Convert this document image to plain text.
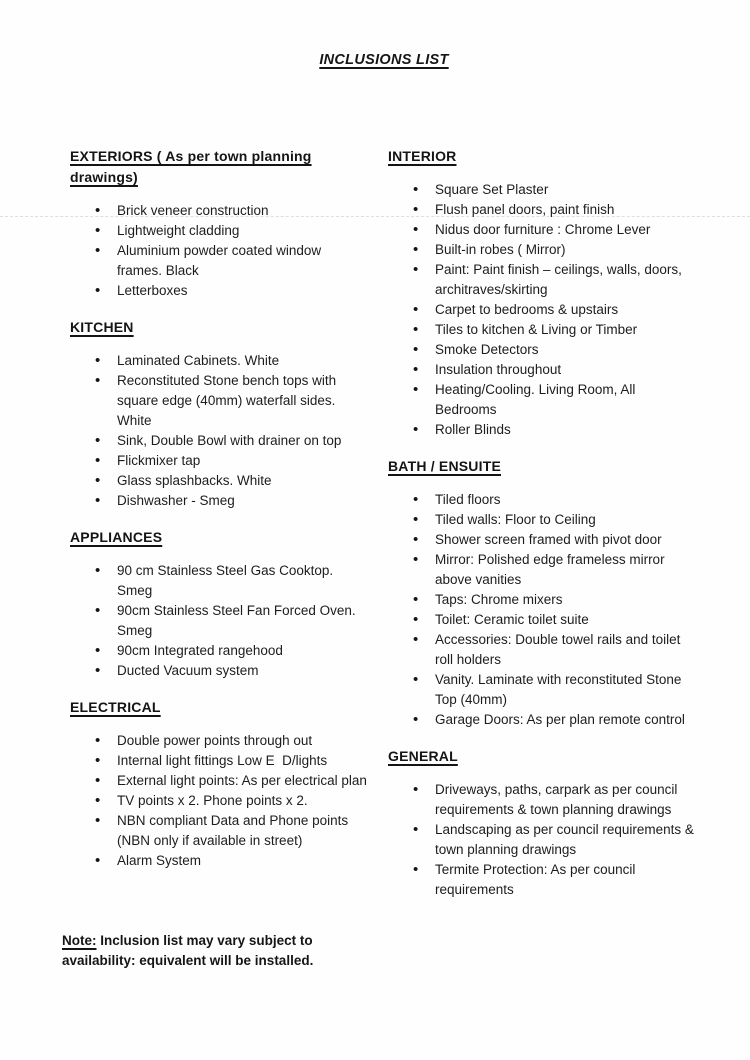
INCLUSIONS LIST
EXTERIORS ( As per town planning drawings)
• Brick veneer construction
• Lightweight cladding
• Aluminium powder coated window frames. Black
• Letterboxes
KITCHEN
• Laminated Cabinets. White
• Reconstituted Stone bench tops with square edge (40mm) waterfall sides. White
• Sink, Double Bowl with drainer on top
• Flickmixer tap
• Glass splashbacks. White
• Dishwasher - Smeg
APPLIANCES
• 90 cm Stainless Steel Gas Cooktop. Smeg
• 90cm Stainless Steel Fan Forced Oven. Smeg
• 90cm Integrated rangehood
• Ducted Vacuum system
ELECTRICAL
• Double power points through out
• Internal light fittings Low E  D/lights
• External light points: As per electrical plan
• TV points x 2. Phone points x 2.
• NBN compliant Data and Phone points (NBN only if available in street)
• Alarm System
INTERIOR
• Square Set Plaster
• Flush panel doors, paint finish
• Nidus door furniture : Chrome Lever
• Built-in robes ( Mirror)
• Paint: Paint finish – ceilings, walls, doors, architraves/skirting
• Carpet to bedrooms & upstairs
• Tiles to kitchen & Living or Timber
• Smoke Detectors
• Insulation throughout
• Heating/Cooling. Living Room, All Bedrooms
• Roller Blinds
BATH / ENSUITE
• Tiled floors
• Tiled walls: Floor to Ceiling
• Shower screen framed with pivot door
• Mirror: Polished edge frameless mirror above vanities
• Taps: Chrome mixers
• Toilet: Ceramic toilet suite
• Accessories: Double towel rails and toilet roll holders
• Vanity. Laminate with reconstituted Stone Top (40mm)
• Garage Doors: As per plan remote control
GENERAL
• Driveways, paths, carpark as per council requirements & town planning drawings
• Landscaping as per council requirements & town planning drawings
• Termite Protection: As per council requirements
Note: Inclusion list may vary subject to availability: equivalent will be installed.
